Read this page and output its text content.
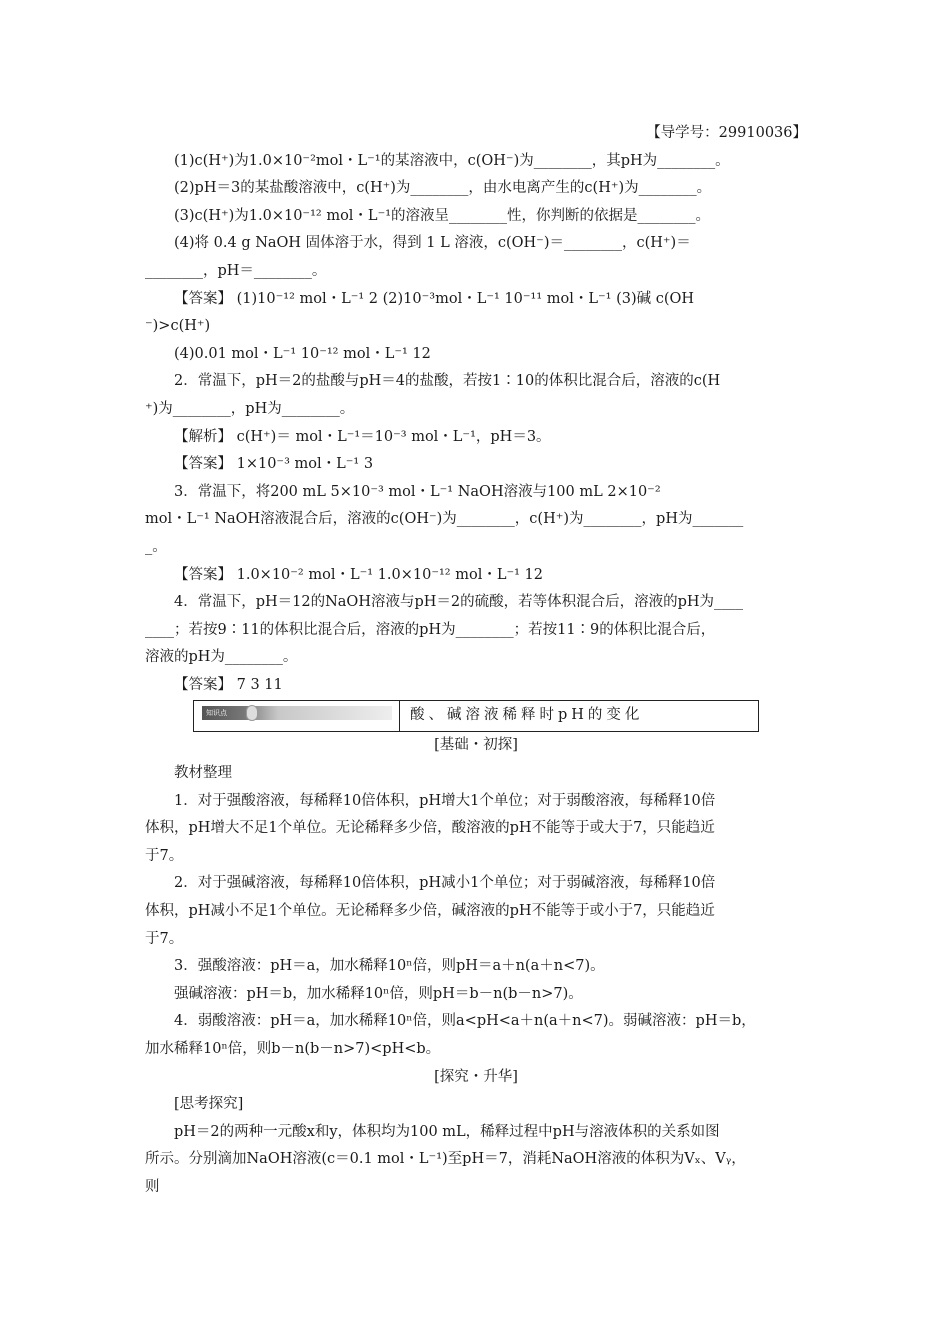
【导学号：29910036】
(1)c(H⁺)为1.0×10⁻²mol・L⁻¹的某溶液中，c(OH⁻)为________，其pH为________。
(2)pH＝3的某盐酸溶液中，c(H⁺)为________，由水电离产生的c(H⁺)为________。
(3)c(H⁺)为1.0×10⁻¹² mol・L⁻¹的溶液呈________性，你判断的依据是________。
(4)将 0.4 g NaOH 固体溶于水，得到 1 L 溶液，c(OH⁻)＝________，c(H⁺)＝
________，pH＝________。
【答案】 (1)10⁻¹² mol・L⁻¹ 2 (2)10⁻³mol・L⁻¹ 10⁻¹¹ mol・L⁻¹ (3)碱 c(OH
⁻)>c(H⁺)
(4)0.01 mol・L⁻¹ 10⁻¹² mol・L⁻¹ 12
2．常温下，pH＝2的盐酸与pH＝4的盐酸，若按1∶10的体积比混合后，溶液的c(H
⁺)为________，pH为________。
【解析】 c(H⁺)＝ mol・L⁻¹＝10⁻³ mol・L⁻¹，pH＝3。
【答案】 1×10⁻³ mol・L⁻¹ 3
3．常温下，将200 mL 5×10⁻³ mol・L⁻¹ NaOH溶液与100 mL 2×10⁻²
mol・L⁻¹ NaOH溶液混合后，溶液的c(OH⁻)为________，c(H⁺)为________，pH为_______
_。
【答案】 1.0×10⁻² mol・L⁻¹ 1.0×10⁻¹² mol・L⁻¹ 12
4．常温下，pH＝12的NaOH溶液与pH＝2的硫酸，若等体积混合后，溶液的pH为____
____；若按9∶11的体积比混合后，溶液的pH为________；若按11∶9的体积比混合后，
溶液的pH为________。
【答案】 7 3 11
知识点	酸、碱溶液稀释时pH的变化
[基础・初探]
教材整理
1．对于强酸溶液，每稀释10倍体积，pH增大1个单位；对于弱酸溶液，每稀释10倍
体积，pH增大不足1个单位。无论稀释多少倍，酸溶液的pH不能等于或大于7，只能趋近
于7。
2．对于强碱溶液，每稀释10倍体积，pH减小1个单位；对于弱碱溶液，每稀释10倍
体积，pH减小不足1个单位。无论稀释多少倍，碱溶液的pH不能等于或小于7，只能趋近
于7。
3．强酸溶液：pH＝a，加水稀释10ⁿ倍，则pH＝a＋n(a＋n<7)。
强碱溶液：pH＝b，加水稀释10ⁿ倍，则pH＝b－n(b－n>7)。
4．弱酸溶液：pH＝a，加水稀释10ⁿ倍，则a<pH<a＋n(a＋n<7)。弱碱溶液：pH＝b，
加水稀释10ⁿ倍，则b－n(b－n>7)<pH<b。
[探究・升华]
[思考探究]
pH＝2的两种一元酸x和y，体积均为100 mL，稀释过程中pH与溶液体积的关系如图
所示。分别滴加NaOH溶液(c＝0.1 mol・L⁻¹)至pH＝7，消耗NaOH溶液的体积为Vₓ、Vᵧ，
则
